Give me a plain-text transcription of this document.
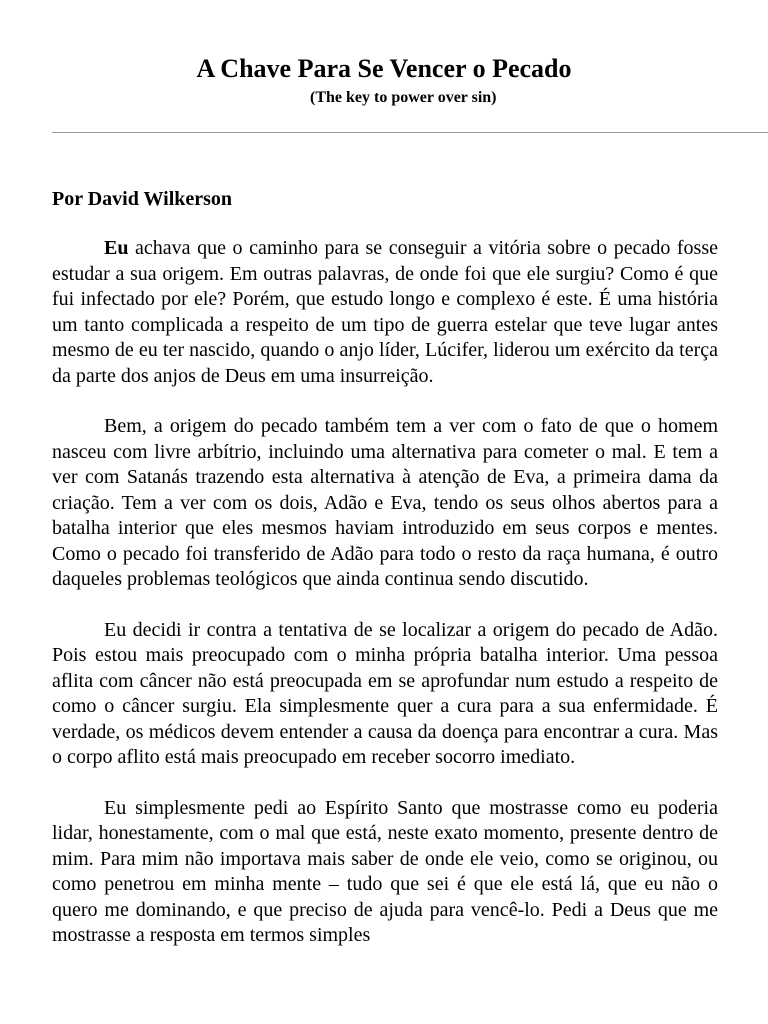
A Chave Para Se Vencer o Pecado
(The key to power over sin)
Por David Wilkerson

Eu achava que o caminho para se conseguir a vitória sobre o pecado fosse estudar a sua origem. Em outras palavras, de onde foi que ele surgiu? Como é que fui infectado por ele? Porém, que estudo longo e complexo é este. É uma história um tanto complicada a respeito de um tipo de guerra estelar que teve lugar antes mesmo de eu ter nascido, quando o anjo líder, Lúcifer, liderou um exército da terça da parte dos anjos de Deus em uma insurreição.

Bem, a origem do pecado também tem a ver com o fato de que o homem nasceu com livre arbítrio, incluindo uma alternativa para cometer o mal. E tem a ver com Satanás trazendo esta alternativa à atenção de Eva, a primeira dama da criação. Tem a ver com os dois, Adão e Eva, tendo os seus olhos abertos para a batalha interior que eles mesmos haviam introduzido em seus corpos e mentes. Como o pecado foi transferido de Adão para todo o resto da raça humana, é outro daqueles problemas teológicos que ainda continua sendo discutido.

Eu decidi ir contra a tentativa de se localizar a origem do pecado de Adão. Pois estou mais preocupado com o minha própria batalha interior. Uma pessoa aflita com câncer não está preocupada em se aprofundar num estudo a respeito de como o câncer surgiu. Ela simplesmente quer a cura para a sua enfermidade. É verdade, os médicos devem entender a causa da doença para encontrar a cura. Mas o corpo aflito está mais preocupado em receber socorro imediato.

Eu simplesmente pedi ao Espírito Santo que mostrasse como eu poderia lidar, honestamente, com o mal que está, neste exato momento, presente dentro de mim. Para mim não importava mais saber de onde ele veio, como se originou, ou como penetrou em minha mente – tudo que sei é que ele está lá, que eu não o quero me dominando, e que preciso de ajuda para vencê-lo. Pedi a Deus que me mostrasse a resposta em termos simples
